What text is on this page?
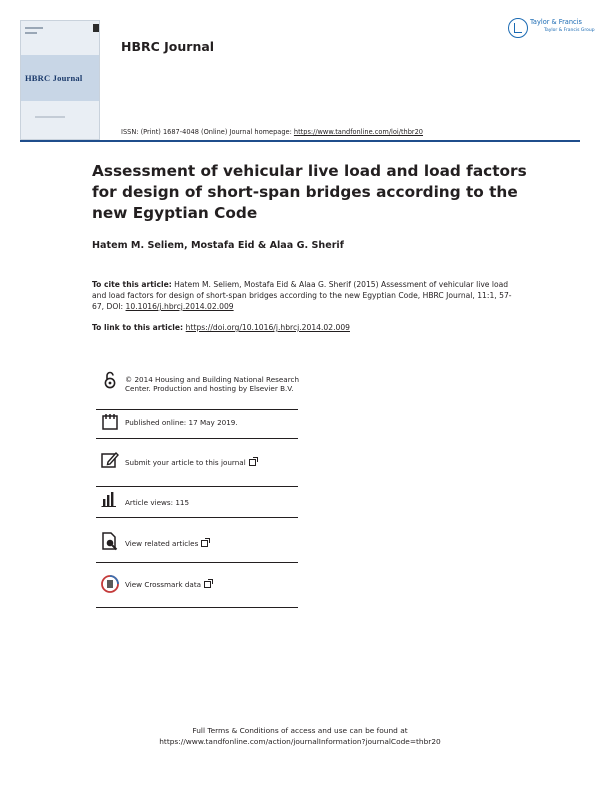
HBRC Journal
HBRC Journal
ISSN: (Print) 1687-4048 (Online) Journal homepage: https://www.tandfonline.com/loi/thbr20
Taylor & Francis
Taylor & Francis Group
Assessment of vehicular live load and load factors
for design of short-span bridges according to the
new Egyptian Code
Hatem M. Seliem, Mostafa Eid & Alaa G. Sherif
To cite this article: Hatem M. Seliem, Mostafa Eid & Alaa G. Sherif (2015) Assessment of vehicular live load and load factors for design of short-span bridges according to the new Egyptian Code, HBRC Journal, 11:1, 57-67, DOI: 10.1016/j.hbrcj.2014.02.009
To link to this article: https://doi.org/10.1016/j.hbrcj.2014.02.009
© 2014 Housing and Building National Research Center. Production and hosting by Elsevier B.V.
Published online: 17 May 2019.
Submit your article to this journal
Article views: 115
View related articles
View Crossmark data
Full Terms & Conditions of access and use can be found at
https://www.tandfonline.com/action/journalInformation?journalCode=thbr20
